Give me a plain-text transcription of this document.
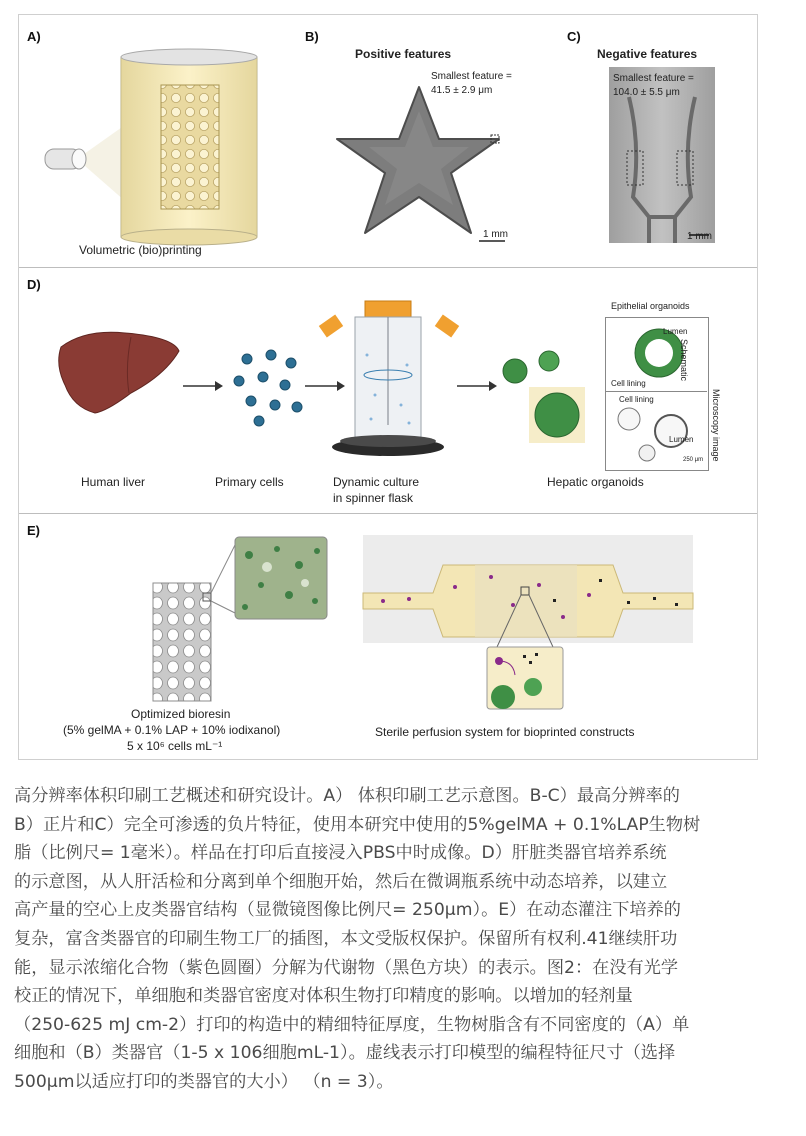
A)
Volumetric (bio)printing
B)
Positive features
Smallest feature =
41.5 ± 2.9 μm
1 mm
C)
Negative features
Smallest feature =
104.0 ± 5.5 μm
1 mm
D)
Human liver	Primary cells	Dynamic culture
in spinner flask
Hepatic organoids
Epithelial organoids
Lumen
Cell lining
Cell lining
Lumen
250 μm
Schematic
Microscopy image
E)
Optimized bioresin
(5% gelMA + 0.1% LAP + 10% iodixanol)
5 x 10⁶ cells mL⁻¹
Sterile perfusion system for bioprinted constructs
高分辨率体积印刷工艺概述和研究设计。A） 体积印刷工艺示意图。B-C）最高分辨率的
B）正片和C）完全可渗透的负片特征，使用本研究中使用的5%gelMA + 0.1%LAP生物树
脂（比例尺= 1毫米）。样品在打印后直接浸入PBS中时成像。D）肝脏类器官培养系统
的示意图，从人肝活检和分离到单个细胞开始，然后在微调瓶系统中动态培养，以建立
高产量的空心上皮类器官结构（显微镜图像比例尺= 250μm）。E）在动态灌注下培养的
复杂，富含类器官的印刷生物工厂的插图，本文受版权保护。保留所有权利.41继续肝功
能，显示浓缩化合物（紫色圆圈）分解为代谢物（黑色方块）的表示。图2：在没有光学
校正的情况下，单细胞和类器官密度对体积生物打印精度的影响。以增加的轻剂量
（250-625 mJ cm-2）打印的构造中的精细特征厚度，生物树脂含有不同密度的（A）单
细胞和（B）类器官（1-5 x 106细胞mL-1）。虚线表示打印模型的编程特征尺寸（选择
500μm以适应打印的类器官的大小） （n = 3）。
